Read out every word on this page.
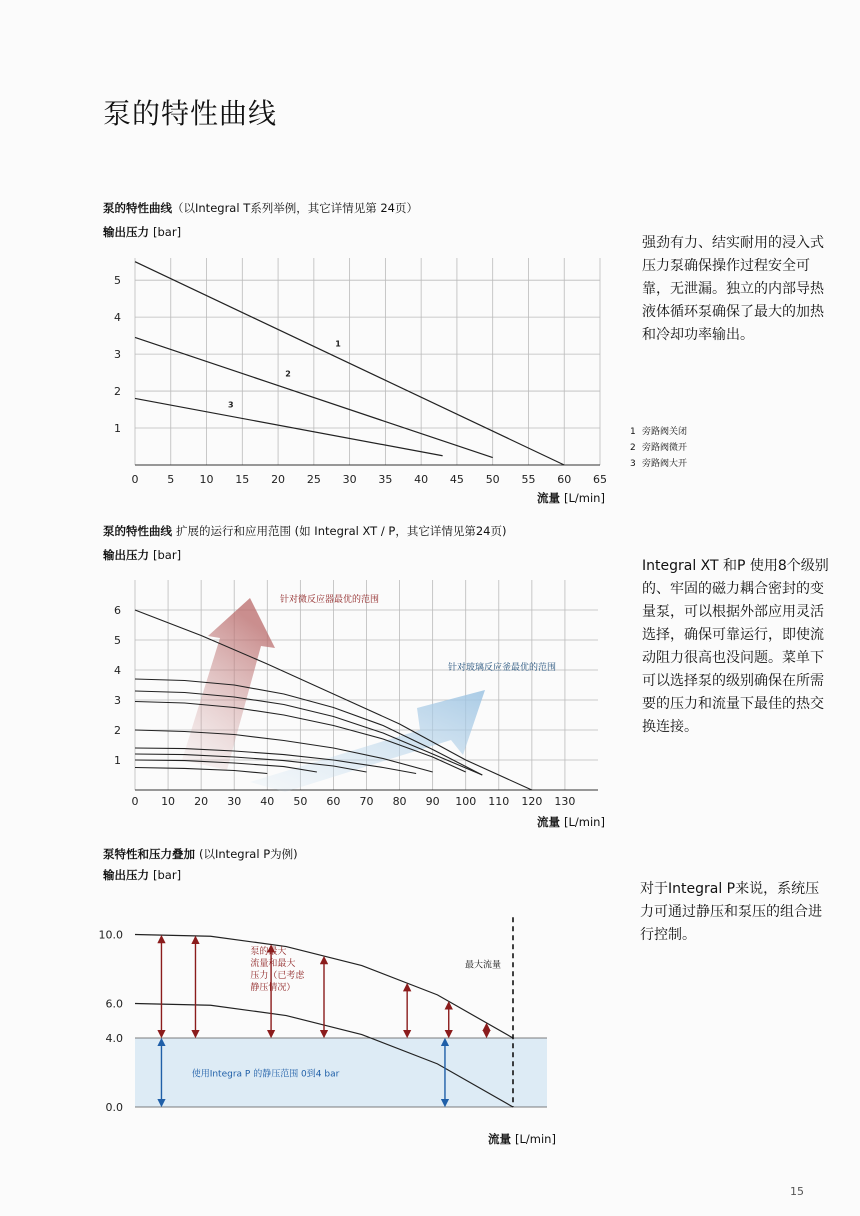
泵的特性曲线
泵的特性曲线（以Integral T系列举例，其它详情见第 24页）
输出压力 [bar]
0	5 10 15 20 25 30 35 40 45 50 55 60 65
1
2
3
4
5
1
2
3
流量 [L/min]
1 旁路阀关闭
2 旁路阀微开
3 旁路阀大开
强劲有力、结实耐用的浸入式压力泵确保操作过程安全可靠，无泄漏。独立的内部导热液体循环泵确保了最大的加热和冷却功率输出。
泵的特性曲线 扩展的运行和应用范围 (如 Integral XT / P，其它详情见第24页)
输出压力 [bar]
0 10 20 30 40 50 60 70 80 90 100 110 120 130
1
2
3
4
5
6
针对微反应器最优的范围
针对玻璃反应釜最优的范围
流量 [L/min]
Integral XT 和P 使用8个级别的、牢固的磁力耦合密封的变量泵，可以根据外部应用灵活选择，确保可靠运行，即使流动阻力很高也没问题。菜单下可以选择泵的级别确保在所需要的压力和流量下最佳的热交换连接。
泵特性和压力叠加 (以Integral P为例)
输出压力 [bar]
0.0
4.0
6.0
10.0
最大流量
泵的最大流量和最大压力（已考虑静压情况）
使用Integra P 的静压范围 0到4 bar
流量 [L/min]
对于Integral P来说，系统压力可通过静压和泵压的组合进行控制。
15
